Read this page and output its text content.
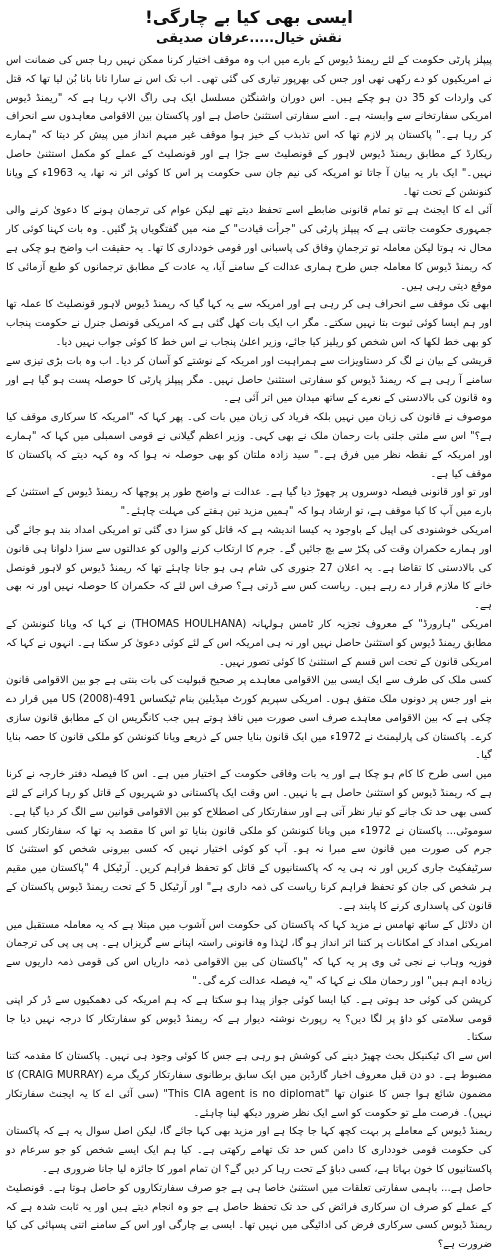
ایسی بھی کیا بے چارگی!
نقش خیال.....عرفان صدیقی

پیپلز پارٹی حکومت کے لئے ریمنڈ ڈیوس کے بارے میں اب وہ موقف اختیار کرنا ممکن نہیں رہا جس کی ضمانت اس نے امریکیوں کو دے رکھی تھی اور جس کی بھرپور تیاری کی گئی تھی۔ اب تک اس نے سارا تانا بانا بُن لیا تھا کہ قتل کی واردات کو 35 دن ہو چکے ہیں۔ اس دوران واشنگٹن مسلسل ایک ہی راگ الاپ رہا ہے کہ "ریمنڈ ڈیوس امریکی سفارتخانے سے وابستہ ہے۔ اسے سفارتی استثنیٰ حاصل ہے اور پاکستان بین الاقوامی معاہدوں سے انحراف کر رہا ہے۔" پاکستان پر لازم تھا کہ اس تذبذب کے خیز ہوا موقف غیر مبہم انداز میں پیش کر دیتا کہ "ہمارے ریکارڈ کے مطابق ریمنڈ ڈیوس لاہور کے قونصلیٹ سے جڑا ہے اور قونصلیٹ کے عملے کو مکمل استثنیٰ حاصل نہیں۔" ایک بار یہ بیان آ جاتا تو امریکہ کی نیم جان سی حکومت پر اس کا کوئی اثر نہ تھا، یہ 1963ء کے ویانا کنونشن کے تحت تھا۔

آئی اے کا ایجنٹ ہے تو تمام قانونی ضابطے اسے تحفظ دیتے تھے لیکن عوام کی ترجمان ہونے کا دعویٰ کرنے والی جمہوری حکومت جانتی ہے کہ پیپلز پارٹی کی "جرأت قیادت" کے منہ میں گفتگویاں پڑ گئیں۔ وہ بات کہنا کوئی کار محال نہ ہوتا لیکن معاملہ تو ترجمانِ وفاق کی پاسبانی اور قومی خودداری کا تھا۔ یہ حقیقت اب واضح ہو چکی ہے کہ ریمنڈ ڈیوس کا معاملہ جس طرح ہماری عدالت کے سامنے آیا، یہ عادت کے مطابق ترجمانوں کو طبع آزمائی کا موقع دیتی رہی ہیں۔

ابھی تک موقف سے انحراف ہی کر رہی ہے اور امریکہ سے یہ کہا گیا کہ ریمنڈ ڈیوس لاہور قونصلیٹ کا عملہ تھا اور ہم ایسا کوئی ثبوت بتا نہیں سکتے۔ مگر اب ایک بات کھل گئی ہے کہ امریکی قونصل جنرل نے حکومت پنجاب کو بھی خط لکھا کہ اس شخص کو ریلیز کیا جائے، وزیر اعلیٰ پنجاب نے اس خط کا کوئی جواب نہیں دیا۔

قریشی کے بیان نے لگ کر دستاویزات سے ہمراہیت اور امریکہ کے نوشتے کو آسان کر دیا۔ اب وہ بات بڑی تیزی سے سامنے آ رہی ہے کہ ریمنڈ ڈیوس کو سفارتی استثنیٰ حاصل نہیں۔ مگر پیپلز پارٹی کا حوصلہ پست ہو گیا ہے اور وہ قانون کی بالادستی کے نعرے کے ساتھ میدان میں اتر آئی ہے۔

موصوف نے قانون کی زبان میں نہیں بلکہ فریاد کی زبان میں بات کی۔ پھر کہا کہ "امریکہ کا سرکاری موقف کیا ہے؟" اس سے ملتی جلتی بات رحمان ملک نے بھی کہی۔ وزیر اعظم گیلانی نے قومی اسمبلی میں کہا کہ "ہمارے اور امریکہ کے نقطہ نظر میں فرق ہے۔" سید زادہ ملتان کو بھی حوصلہ نہ ہوا کہ وہ کہہ دیتے کہ پاکستان کا موقف کیا ہے۔

اور تو اور قانونی فیصلہ دوسروں پر چھوڑ دیا گیا ہے۔ عدالت نے واضح طور پر پوچھا کہ ریمنڈ ڈیوس کے استثنیٰ کے بارے میں آپ کا کیا موقف ہے، تو ارشاد ہوا کہ "ہمیں مزید تین ہفتے کی مہلت چاہئے۔"

امریکی خوشنودی کی اپیل کے باوجود یہ کیسا اندیشہ ہے کہ قاتل کو سزا دی گئی تو امریکی امداد بند ہو جائے گی اور ہمارے حکمران وقت کی پکڑ سے بچ جائیں گے۔ جرم کا ارتکاب کرنے والوں کو عدالتوں سے سزا دلوانا ہی قانون کی بالادستی کا تقاضا ہے۔ یہ اعلان 27 جنوری کی شام ہی ہو جانا چاہئے تھا کہ ریمنڈ ڈیوس کو لاہور قونصل خانے کا ملازم قرار دے رہے ہیں۔ ریاست کس سے ڈرتی ہے؟ صرف اس لئے کہ حکمران کا حوصلہ نہیں اور نہ بھی ہے۔

امریکی "ہارورڈ" کے معروف تجزیہ کار ٹامس ہولہانہ (THOMAS HOULHANA) نے کہا کہ ویانا کنونشن کے مطابق ریمنڈ ڈیوس کو استثنیٰ حاصل نہیں اور نہ ہی امریکہ اس کے لئے کوئی دعویٰ کر سکتا ہے۔ انہوں نے کہا کہ امریکی قانون کے تحت اس قسم کے استثنیٰ کا کوئی تصور نہیں۔

کسی ملک کی طرف سے ایک ایسی بین الاقوامی معاہدے پر صحیح قبولیت کی بات بنتی ہے جو بین الاقوامی قانون بنے اور جس پر دونوں ملک متفق ہوں۔ امریکی سپریم کورٹ میڈیلین بنام ٹیکساس 491-US (2008) میں قرار دے چکی ہے کہ بین الاقوامی معاہدے صرف اسی صورت میں نافذ ہوتے ہیں جب کانگریس ان کے مطابق قانون سازی کرے۔ پاکستان کی پارلیمنٹ نے 1972ء میں ایک قانون بنایا جس کے ذریعے ویانا کنونشن کو ملکی قانون کا حصہ بنایا گیا۔

میں اسی طرح کا کام ہو چکا ہے اور یہ بات وفاقی حکومت کے اختیار میں ہے۔ اس کا فیصلہ دفتر خارجہ نے کرنا ہے کہ ریمنڈ ڈیوس کو استثنیٰ حاصل ہے یا نہیں۔ اس وقت ایک پاکستانی دو شہریوں کے قاتل کو رہا کرانے کے لئے کسی بھی حد تک جانے کو تیار نظر آتی ہے اور سفارتکار کی اصطلاح کو بین الاقوامی قوانین سے الگ کر دیا گیا ہے۔

سوموٹی... پاکستان نے 1972ء میں ویانا کنونشن کو ملکی قانون بنایا تو اس کا مقصد یہ تھا کہ سفارتکار کسی جرم کی صورت میں قانون سے مبرا نہ ہو۔ آپ کو کوئی اختیار نہیں کہ کسی بیرونی شخص کو استثنیٰ کا سرٹیفکیٹ جاری کریں اور نہ ہی یہ کہ پاکستانیوں کے قاتل کو تحفظ فراہم کریں۔ آرٹیکل 4 "پاکستان میں مقیم ہر شخص کی جان کو تحفظ فراہم کرنا ریاست کی ذمہ داری ہے" اور آرٹیکل 5 کے تحت ریمنڈ ڈیوس پاکستان کے قانون کی پاسداری کرنے کا پابند ہے۔

ان دلائل کے ساتھ تھامس نے مزید کہا کہ پاکستان کی حکومت اس آشوب میں مبتلا ہے کہ یہ معاملہ مستقبل میں امریکی امداد کے امکانات پر کتنا اثر انداز ہو گا، لہٰذا وہ قانونی راستہ اپنانے سے گریزاں ہے۔ پی پی پی کی ترجمان فوزیہ وہاب نے نجی ٹی وی پر یہ کہا کہ "پاکستان کی بین الاقوامی ذمہ داریاں اس کی قومی ذمہ داریوں سے زیادہ اہم ہیں" اور رحمان ملک نے کہا کہ "یہ فیصلہ عدالت کرے گی۔"

کرپشن کی کوئی حد ہوتی ہے۔ کیا ایسا کوئی جواز پیدا ہو سکتا ہے کہ ہم امریکہ کی دھمکیوں سے ڈر کر اپنی قومی سلامتی کو داؤ پر لگا دیں؟ یہ رپورٹ نوشتہ دیوار ہے کہ ریمنڈ ڈیوس کو سفارتکار کا درجہ نہیں دیا جا سکتا۔

اس سے اک ٹیکنیکل بحث چھیڑ دینے کی کوشش ہو رہی ہے جس کا کوئی وجود ہی نہیں۔ پاکستان کا مقدمہ کتنا مضبوط ہے۔ دو دن قبل معروف اخبار گارڈین میں ایک سابق برطانوی سفارتکار کریگ مرے (CRAIG MURRAY) کا مضمون شائع ہوا جس کا عنوان تھا "This CIA agent is no diplomat" (سی آئی اے کا یہ ایجنٹ سفارتکار نہیں)۔ فرصت ملے تو حکومت کو اسے ایک نظر ضرور دیکھ لینا چاہئے۔

ریمنڈ ڈیوس کے معاملے پر بہت کچھ کہا جا چکا ہے اور مزید بھی کہا جائے گا، لیکن اصل سوال یہ ہے کہ پاکستان کی حکومت قومی خودداری کا دامن کس حد تک تھامے رکھتی ہے۔ کیا ہم ایک ایسے شخص کو جو سرعام دو پاکستانیوں کا خون بہاتا ہے، کسی دباؤ کے تحت رہا کر دیں گے؟ ان تمام امور کا جائزہ لیا جانا ضروری ہے۔

حاصل ہے... باہمی سفارتی تعلقات میں استثنیٰ خاصا ہی ہے جو صرف سفارتکاروں کو حاصل ہوتا ہے۔ قونصلیٹ کے عملے کو صرف ان سرکاری فرائض کی حد تک تحفظ حاصل ہے جو وہ انجام دیتے ہیں اور یہ ثابت شدہ ہے کہ ریمنڈ ڈیوس کسی سرکاری فرض کی ادائیگی میں نہیں تھا۔ ایسی بے چارگی اور اس کے سامنے اتنی پسپائی کی کیا ضرورت ہے؟
